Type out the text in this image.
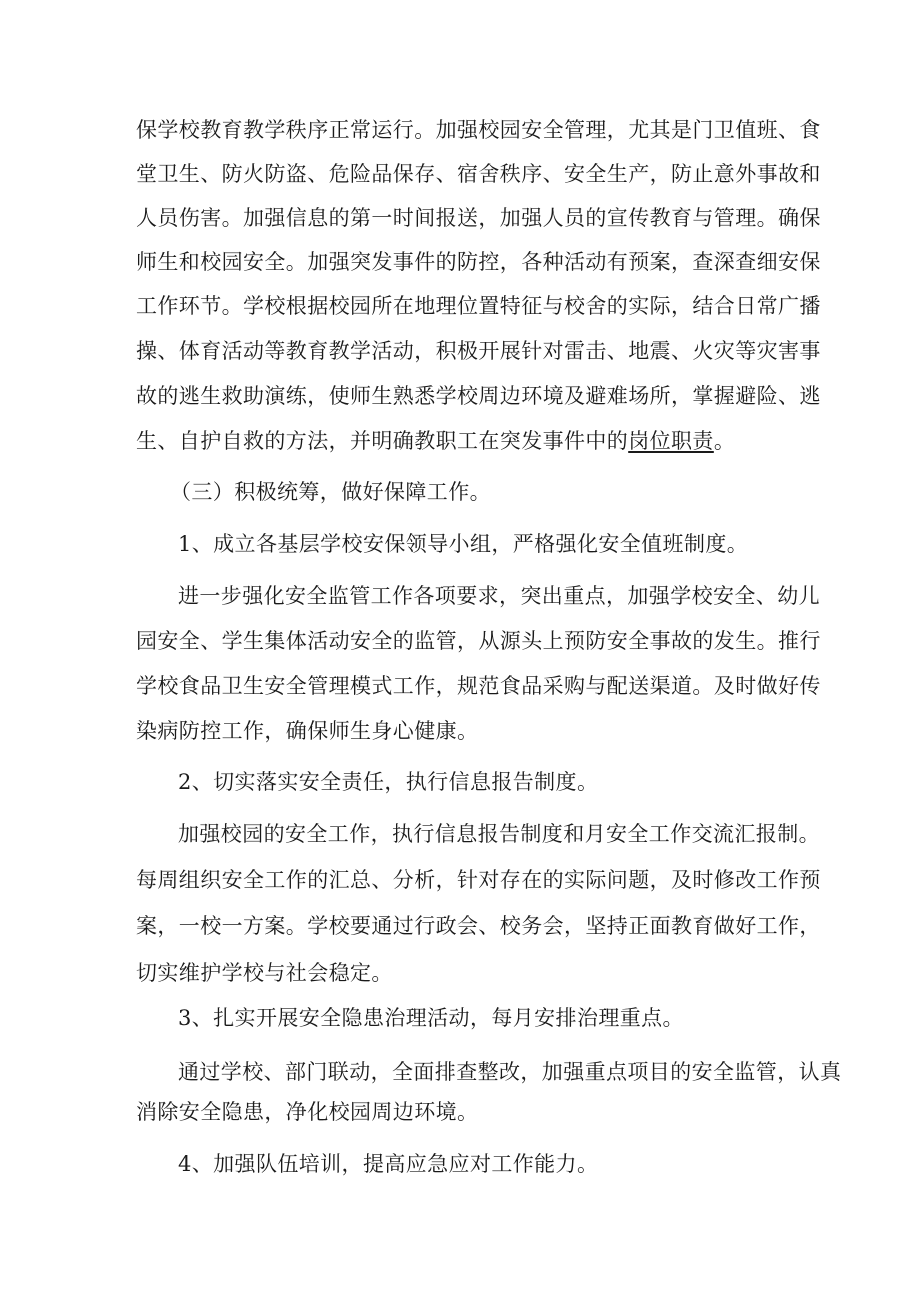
保学校教育教学秩序正常运行。加强校园安全管理，尤其是门卫值班、食
堂卫生、防火防盗、危险品保存、宿舍秩序、安全生产，防止意外事故和
人员伤害。加强信息的第一时间报送，加强人员的宣传教育与管理。确保
师生和校园安全。加强突发事件的防控，各种活动有预案，查深查细安保
工作环节。学校根据校园所在地理位置特征与校舍的实际，结合日常广播
操、体育活动等教育教学活动，积极开展针对雷击、地震、火灾等灾害事
故的逃生救助演练，使师生熟悉学校周边环境及避难场所，掌握避险、逃
生、自护自救的方法，并明确教职工在突发事件中的岗位职责。
（三）积极统筹，做好保障工作。
1、成立各基层学校安保领导小组，严格强化安全值班制度。
进一步强化安全监管工作各项要求，突出重点，加强学校安全、幼儿
园安全、学生集体活动安全的监管，从源头上预防安全事故的发生。推行
学校食品卫生安全管理模式工作，规范食品采购与配送渠道。及时做好传
染病防控工作，确保师生身心健康。
2、切实落实安全责任，执行信息报告制度。
加强校园的安全工作，执行信息报告制度和月安全工作交流汇报制。
每周组织安全工作的汇总、分析，针对存在的实际问题，及时修改工作预
案，一校一方案。学校要通过行政会、校务会，坚持正面教育做好工作，
切实维护学校与社会稳定。
3、扎实开展安全隐患治理活动，每月安排治理重点。
通过学校、部门联动，全面排查整改，加强重点项目的安全监管，认真
消除安全隐患，净化校园周边环境。
4、加强队伍培训，提高应急应对工作能力。
